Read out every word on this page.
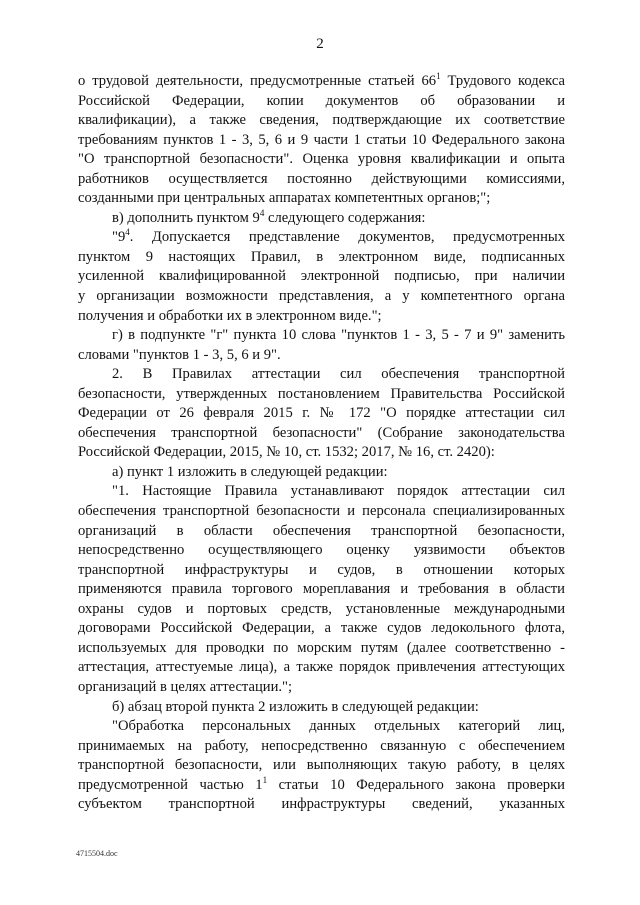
2
о трудовой деятельности, предусмотренные статьей $66^1$ Трудового кодекса
Российской Федерации, копии документов об образовании и
квалификации), а также сведения, подтверждающие их соответствие
требованиям пунктов 1 - 3, 5, 6 и 9 части 1 статьи 10 Федерального закона
"О транспортной безопасности". Оценка уровня квалификации и опыта
работников осуществляется постоянно действующими комиссиями,
созданными при центральных аппаратах компетентных органов;";
в) дополнить пунктом $9^4$ следующего содержания:
"$9^4$. Допускается представление документов, предусмотренных
пунктом 9 настоящих Правил, в электронном виде, подписанных
усиленной квалифицированной электронной подписью, при наличии
у организации возможности представления, а у компетентного органа
получения и обработки их в электронном виде.";
г) в подпункте "г" пункта 10 слова "пунктов 1 - 3, 5 - 7 и 9" заменить
словами "пунктов 1 - 3, 5, 6 и 9".
2. В Правилах аттестации сил обеспечения транспортной
безопасности, утвержденных постановлением Правительства Российской
Федерации от 26 февраля 2015 г. № 172 "О порядке аттестации сил
обеспечения транспортной безопасности" (Собрание законодательства
Российской Федерации, 2015, № 10, ст. 1532; 2017, № 16, ст. 2420):
а) пункт 1 изложить в следующей редакции:
"1. Настоящие Правила устанавливают порядок аттестации сил
обеспечения транспортной безопасности и персонала специализированных
организаций в области обеспечения транспортной безопасности,
непосредственно осуществляющего оценку уязвимости объектов
транспортной инфраструктуры и судов, в отношении которых
применяются правила торгового мореплавания и требования в области
охраны судов и портовых средств, установленные международными
договорами Российской Федерации, а также судов ледокольного флота,
используемых для проводки по морским путям (далее соответственно -
аттестация, аттестуемые лица), а также порядок привлечения аттестующих
организаций в целях аттестации.";
б) абзац второй пункта 2 изложить в следующей редакции:
"Обработка персональных данных отдельных категорий лиц,
принимаемых на работу, непосредственно связанную с обеспечением
транспортной безопасности, или выполняющих такую работу, в целях
предусмотренной частью $1^1$ статьи 10 Федерального закона проверки
субъектом транспортной инфраструктуры сведений, указанных
4715504.doc
